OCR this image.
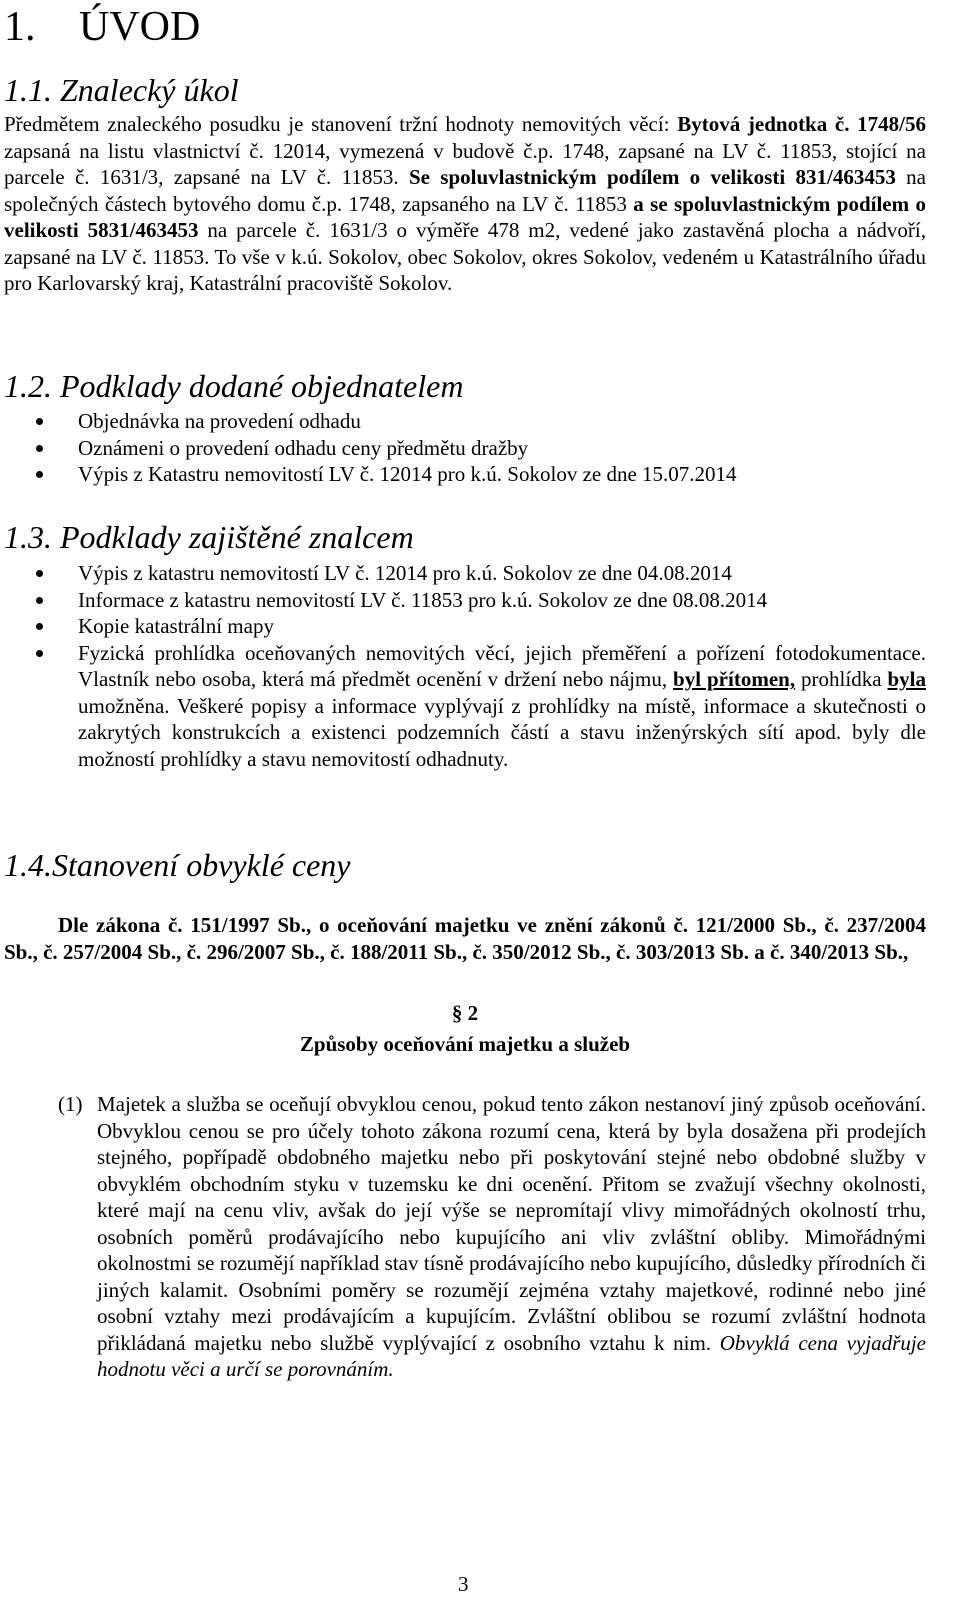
1. ÚVOD
1.1. Znalecký úkol
Předmětem znaleckého posudku je stanovení tržní hodnoty nemovitých věcí: Bytová jednotka č. 1748/56 zapsaná na listu vlastnictví č. 12014, vymezená v budově č.p. 1748, zapsané na LV č. 11853, stojící na parcele č. 1631/3, zapsané na LV č. 11853. Se spoluvlastnickým podílem o velikosti 831/463453 na společných částech bytového domu č.p. 1748, zapsaného na LV č. 11853 a se spoluvlastnickým podílem o velikosti 5831/463453 na parcele č. 1631/3 o výměře 478 m2, vedené jako zastavěná plocha a nádvoří, zapsané na LV č. 11853. To vše v k.ú. Sokolov, obec Sokolov, okres Sokolov, vedeném u Katastrálního úřadu pro Karlovarský kraj, Katastrální pracoviště Sokolov.
1.2. Podklady dodané objednatelem
Objednávka na provedení odhadu
Oznámeni o provedení odhadu ceny předmětu dražby
Výpis z Katastru nemovitostí LV č. 12014 pro k.ú. Sokolov ze dne 15.07.2014
1.3. Podklady zajištěné znalcem
Výpis z katastru nemovitostí LV č. 12014 pro k.ú. Sokolov ze dne 04.08.2014
Informace z katastru nemovitostí LV č. 11853 pro k.ú. Sokolov ze dne 08.08.2014
Kopie katastrální mapy
Fyzická prohlídka oceňovaných nemovitých věcí, jejich přeměření a pořízení fotodokumentace. Vlastník nebo osoba, která má předmět ocenění v držení nebo nájmu, byl přítomen, prohlídka byla umožněna. Veškeré popisy a informace vyplývají z prohlídky na místě, informace a skutečnosti o zakrytých konstrukcích a existenci podzemních částí a stavu inženýrských sítí apod. byly dle možností prohlídky a stavu nemovitostí odhadnuty.
1.4.Stanovení obvyklé ceny
Dle zákona č. 151/1997 Sb., o oceňování majetku ve znění zákonů č. 121/2000 Sb., č. 237/2004 Sb., č. 257/2004 Sb., č. 296/2007 Sb., č. 188/2011 Sb., č. 350/2012 Sb., č. 303/2013 Sb. a č. 340/2013 Sb.,
§ 2
Způsoby oceňování majetku a služeb
(1) Majetek a služba se oceňují obvyklou cenou, pokud tento zákon nestanoví jiný způsob oceňování. Obvyklou cenou se pro účely tohoto zákona rozumí cena, která by byla dosažena při prodejích stejného, popřípadě obdobného majetku nebo při poskytování stejné nebo obdobné služby v obvyklém obchodním styku v tuzemsku ke dni ocenění. Přitom se zvažují všechny okolnosti, které mají na cenu vliv, avšak do její výše se nepromítají vlivy mimořádných okolností trhu, osobních poměrů prodávajícího nebo kupujícího ani vliv zvláštní obliby. Mimořádnými okolnostmi se rozumějí například stav tísně prodávajícího nebo kupujícího, důsledky přírodních či jiných kalamit. Osobními poměry se rozumějí zejména vztahy majetkové, rodinné nebo jiné osobní vztahy mezi prodávajícím a kupujícím. Zvláštní oblibou se rozumí zvláštní hodnota přikládaná majetku nebo službě vyplývající z osobního vztahu k nim. Obvyklá cena vyjadřuje hodnotu věci a určí se porovnáním.
3
